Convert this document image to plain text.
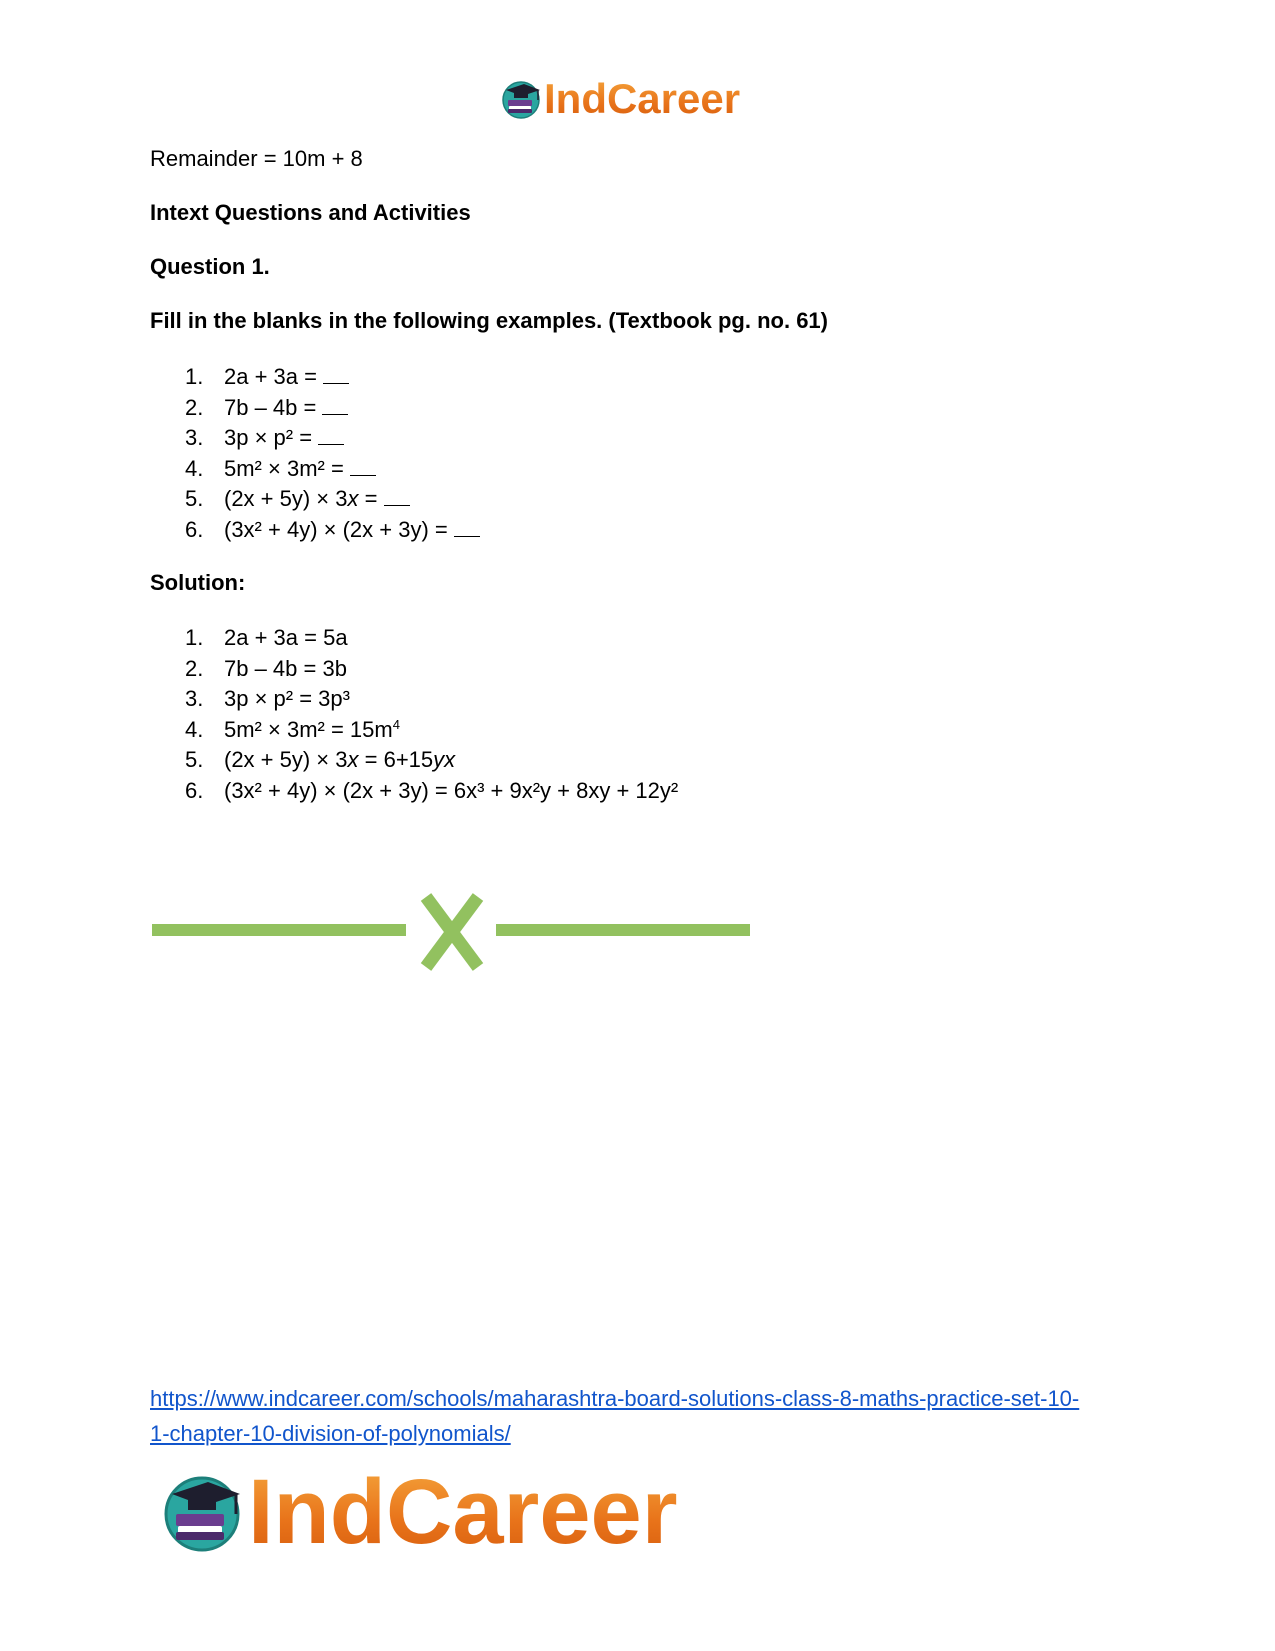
IndCareer
Remainder = 10m + 8
Intext Questions and Activities
Question 1.
Fill in the blanks in the following examples. (Textbook pg. no. 61)
1. 2a + 3a =
2. 7b – 4b =
3. 3p × p² =
4. 5m² × 3m² =
5. (2x + 5y) × 3x =
6. (3x² + 4y) × (2x + 3y) =
Solution:
1. 2a + 3a = 5a
2. 7b – 4b = 3b
3. 3p × p² = 3p³
4. $5m^2 \times 3m^2 = 15m^4$
5. (2x + 5y) × 3x = 6+15yx
6. (3x² + 4y) × (2x + 3y) = 6x³ + 9x²y + 8xy + 12y²
https://www.indcareer.com/schools/maharashtra-board-solutions-class-8-maths-practice-set-10-
1-chapter-10-division-of-polynomials/
IndCareer
